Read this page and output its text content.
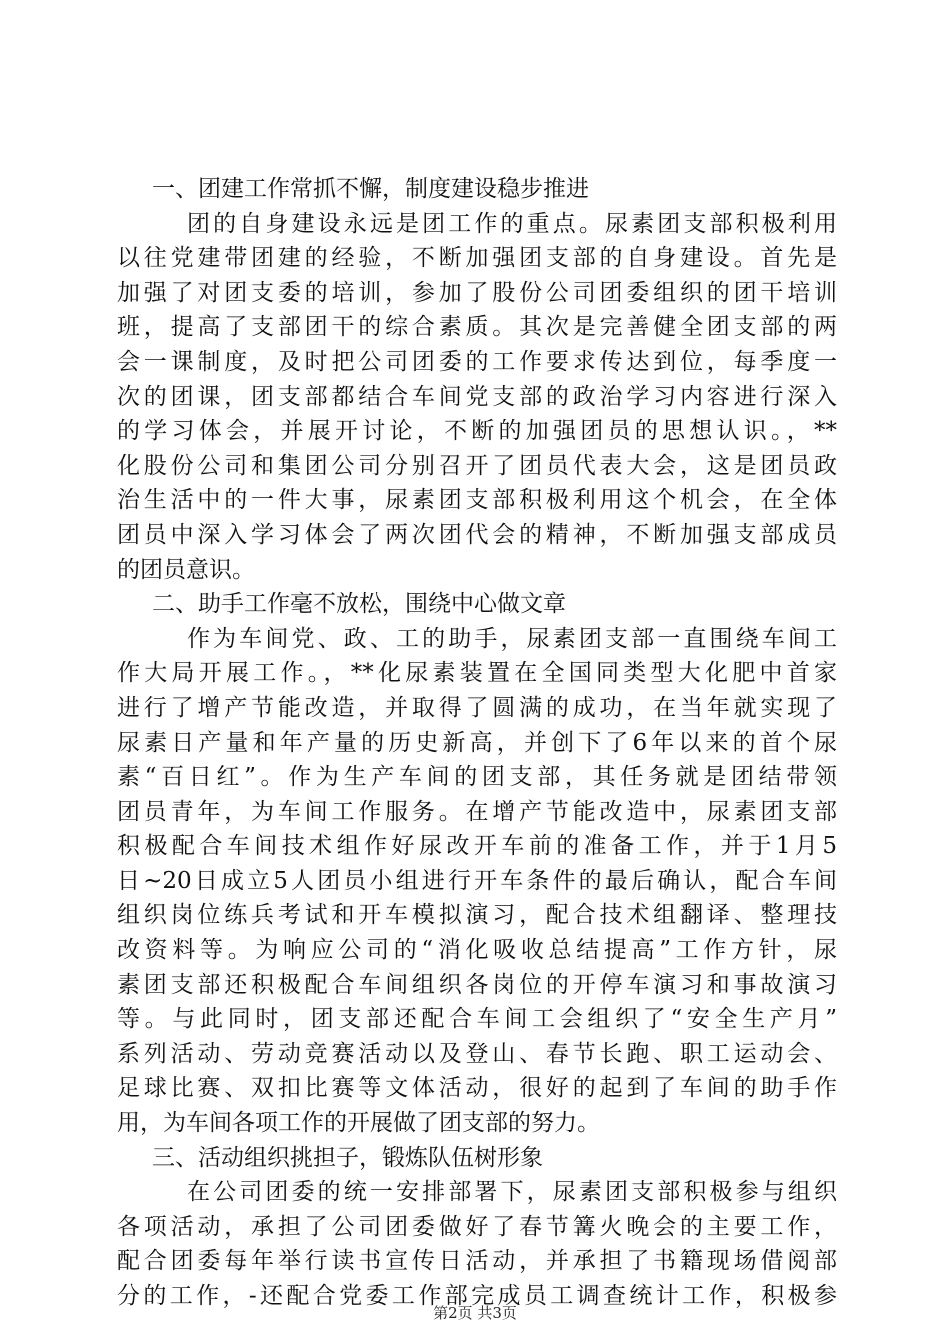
一、团建工作常抓不懈，制度建设稳步推进
团的自身建设永远是团工作的重点。尿素团支部积极利用
以往党建带团建的经验，不断加强团支部的自身建设。首先是
加强了对团支委的培训，参加了股份公司团委组织的团干培训
班，提高了支部团干的综合素质。其次是完善健全团支部的两
会一课制度，及时把公司团委的工作要求传达到位，每季度一
次的团课，团支部都结合车间党支部的政治学习内容进行深入
的学习体会，并展开讨论，不断的加强团员的思想认识。，**
化股份公司和集团公司分别召开了团员代表大会，这是团员政
治生活中的一件大事，尿素团支部积极利用这个机会，在全体
团员中深入学习体会了两次团代会的精神，不断加强支部成员
的团员意识。
二、助手工作毫不放松，围绕中心做文章
作为车间党、政、工的助手，尿素团支部一直围绕车间工
作大局开展工作。，**化尿素装置在全国同类型大化肥中首家
进行了增产节能改造，并取得了圆满的成功，在当年就实现了
尿素日产量和年产量的历史新高，并创下了6年以来的首个尿
素“百日红”。作为生产车间的团支部，其任务就是团结带领
团员青年，为车间工作服务。在增产节能改造中，尿素团支部
积极配合车间技术组作好尿改开车前的准备工作，并于1月5
日~20日成立5人团员小组进行开车条件的最后确认，配合车间
组织岗位练兵考试和开车模拟演习，配合技术组翻译、整理技
改资料等。为响应公司的“消化吸收总结提高”工作方针，尿
素团支部还积极配合车间组织各岗位的开停车演习和事故演习
等。与此同时，团支部还配合车间工会组织了“安全生产月”
系列活动、劳动竞赛活动以及登山、春节长跑、职工运动会、
足球比赛、双扣比赛等文体活动，很好的起到了车间的助手作
用，为车间各项工作的开展做了团支部的努力。
三、活动组织挑担子，锻炼队伍树形象
在公司团委的统一安排部署下，尿素团支部积极参与组织
各项活动，承担了公司团委做好了春节篝火晚会的主要工作，
配合团委每年举行读书宣传日活动，并承担了书籍现场借阅部
分的工作，-还配合党委工作部完成员工调查统计工作，积极参
第2页 共3页
